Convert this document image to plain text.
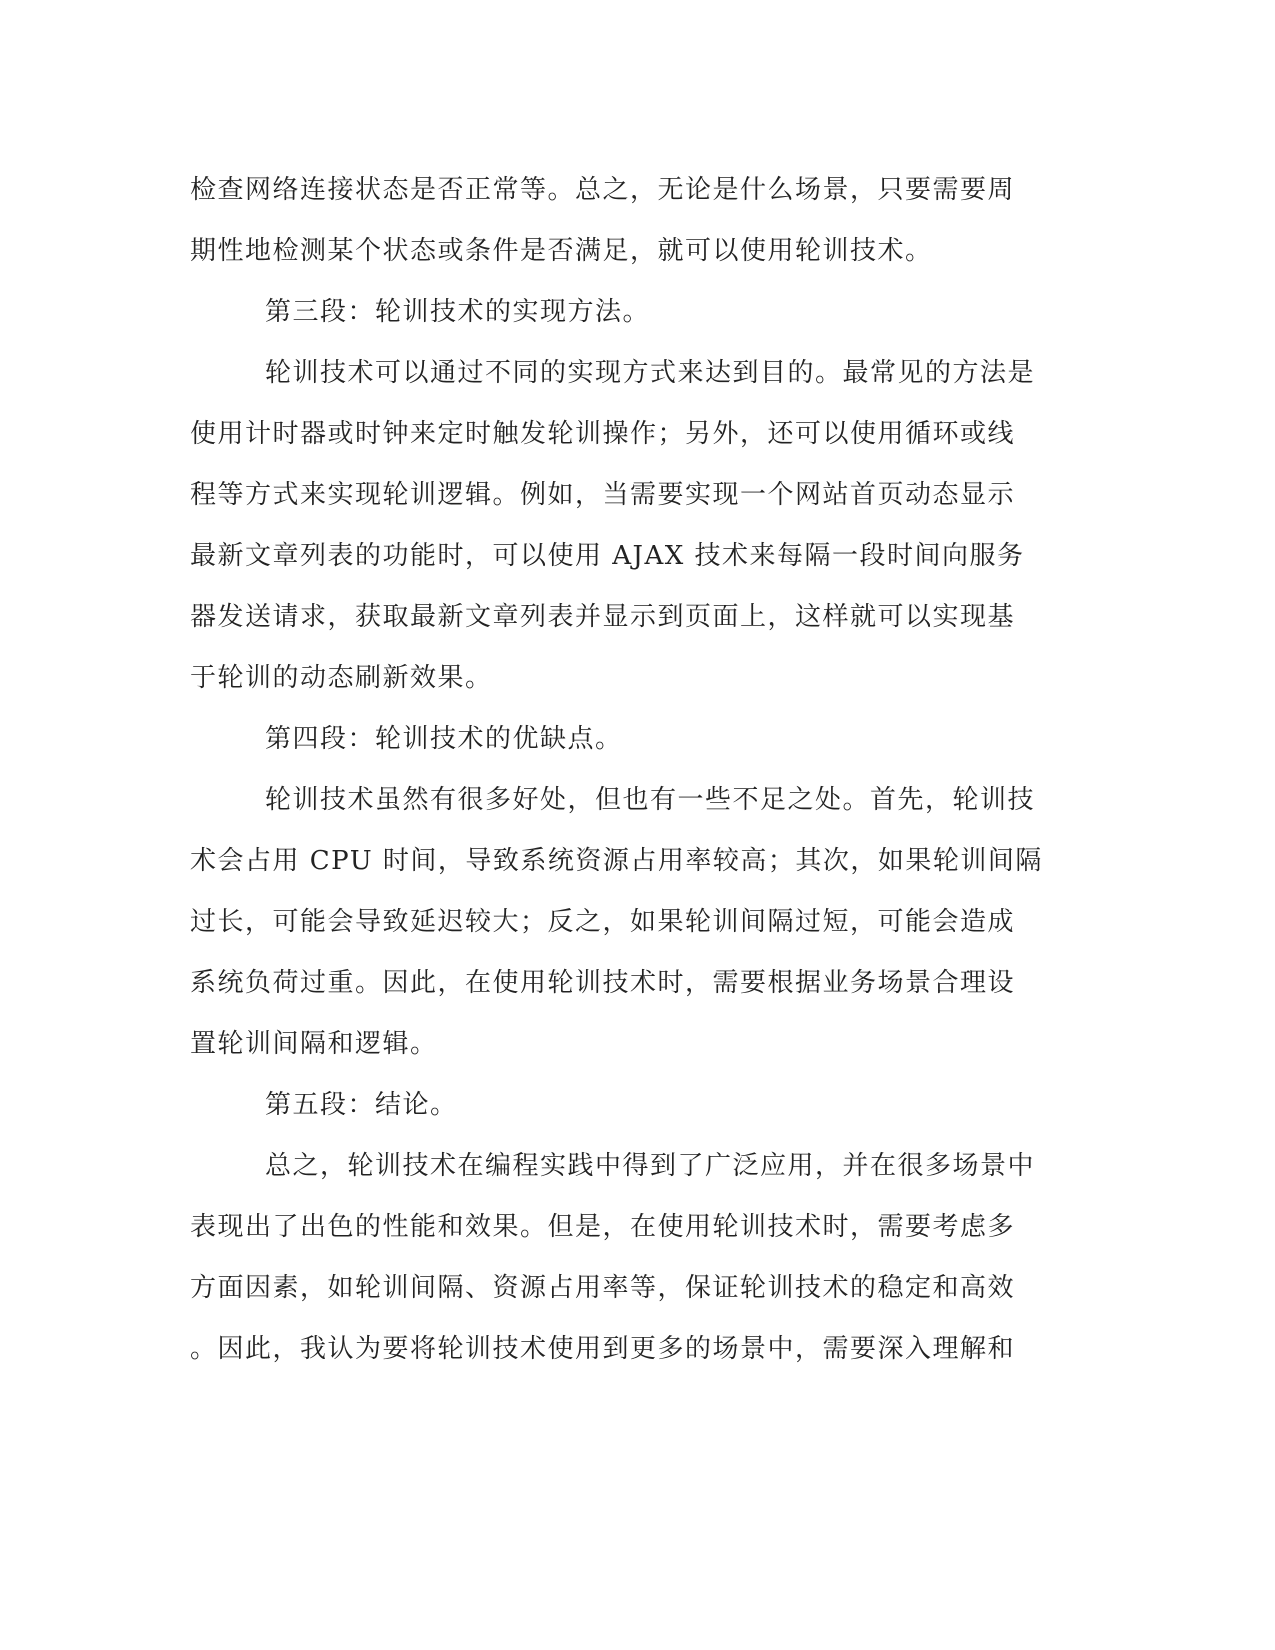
检查网络连接状态是否正常等。总之，无论是什么场景，只要需要周
期性地检测某个状态或条件是否满足，就可以使用轮训技术。
第三段：轮训技术的实现方法。
轮训技术可以通过不同的实现方式来达到目的。最常见的方法是
使用计时器或时钟来定时触发轮训操作；另外，还可以使用循环或线
程等方式来实现轮训逻辑。例如，当需要实现一个网站首页动态显示
最新文章列表的功能时，可以使用 AJAX 技术来每隔一段时间向服务
器发送请求，获取最新文章列表并显示到页面上，这样就可以实现基
于轮训的动态刷新效果。
第四段：轮训技术的优缺点。
轮训技术虽然有很多好处，但也有一些不足之处。首先，轮训技
术会占用 CPU 时间，导致系统资源占用率较高；其次，如果轮训间隔
过长，可能会导致延迟较大；反之，如果轮训间隔过短，可能会造成
系统负荷过重。因此，在使用轮训技术时，需要根据业务场景合理设
置轮训间隔和逻辑。
第五段：结论。
总之，轮训技术在编程实践中得到了广泛应用，并在很多场景中
表现出了出色的性能和效果。但是，在使用轮训技术时，需要考虑多
方面因素，如轮训间隔、资源占用率等，保证轮训技术的稳定和高效
。因此，我认为要将轮训技术使用到更多的场景中，需要深入理解和
